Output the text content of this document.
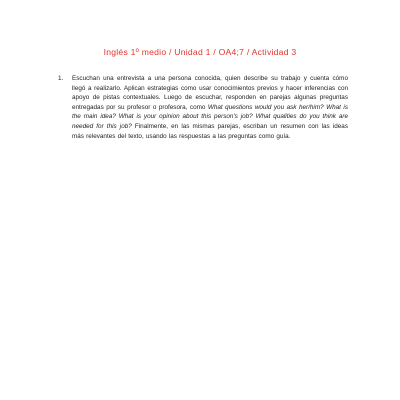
Inglés 1º medio / Unidad 1 / OA4;7 / Actividad 3
1. Escuchan una entrevista a una persona conocida, quien describe su trabajo y cuenta cómo llegó a realizarlo. Aplican estrategias como usar conocimientos previos y hacer inferencias con apoyo de pistas contextuales. Luego de escuchar, responden en parejas algunas preguntas entregadas por su profesor o profesora, como What questions would you ask her/him? What is the main idea? What is your opinion about this person's job? What qualities do you think are needed for this job? Finalmente, en las mismas parejas, escriban un resumen con las ideas más relevantes del texto, usando las respuestas a las preguntas como guía.
